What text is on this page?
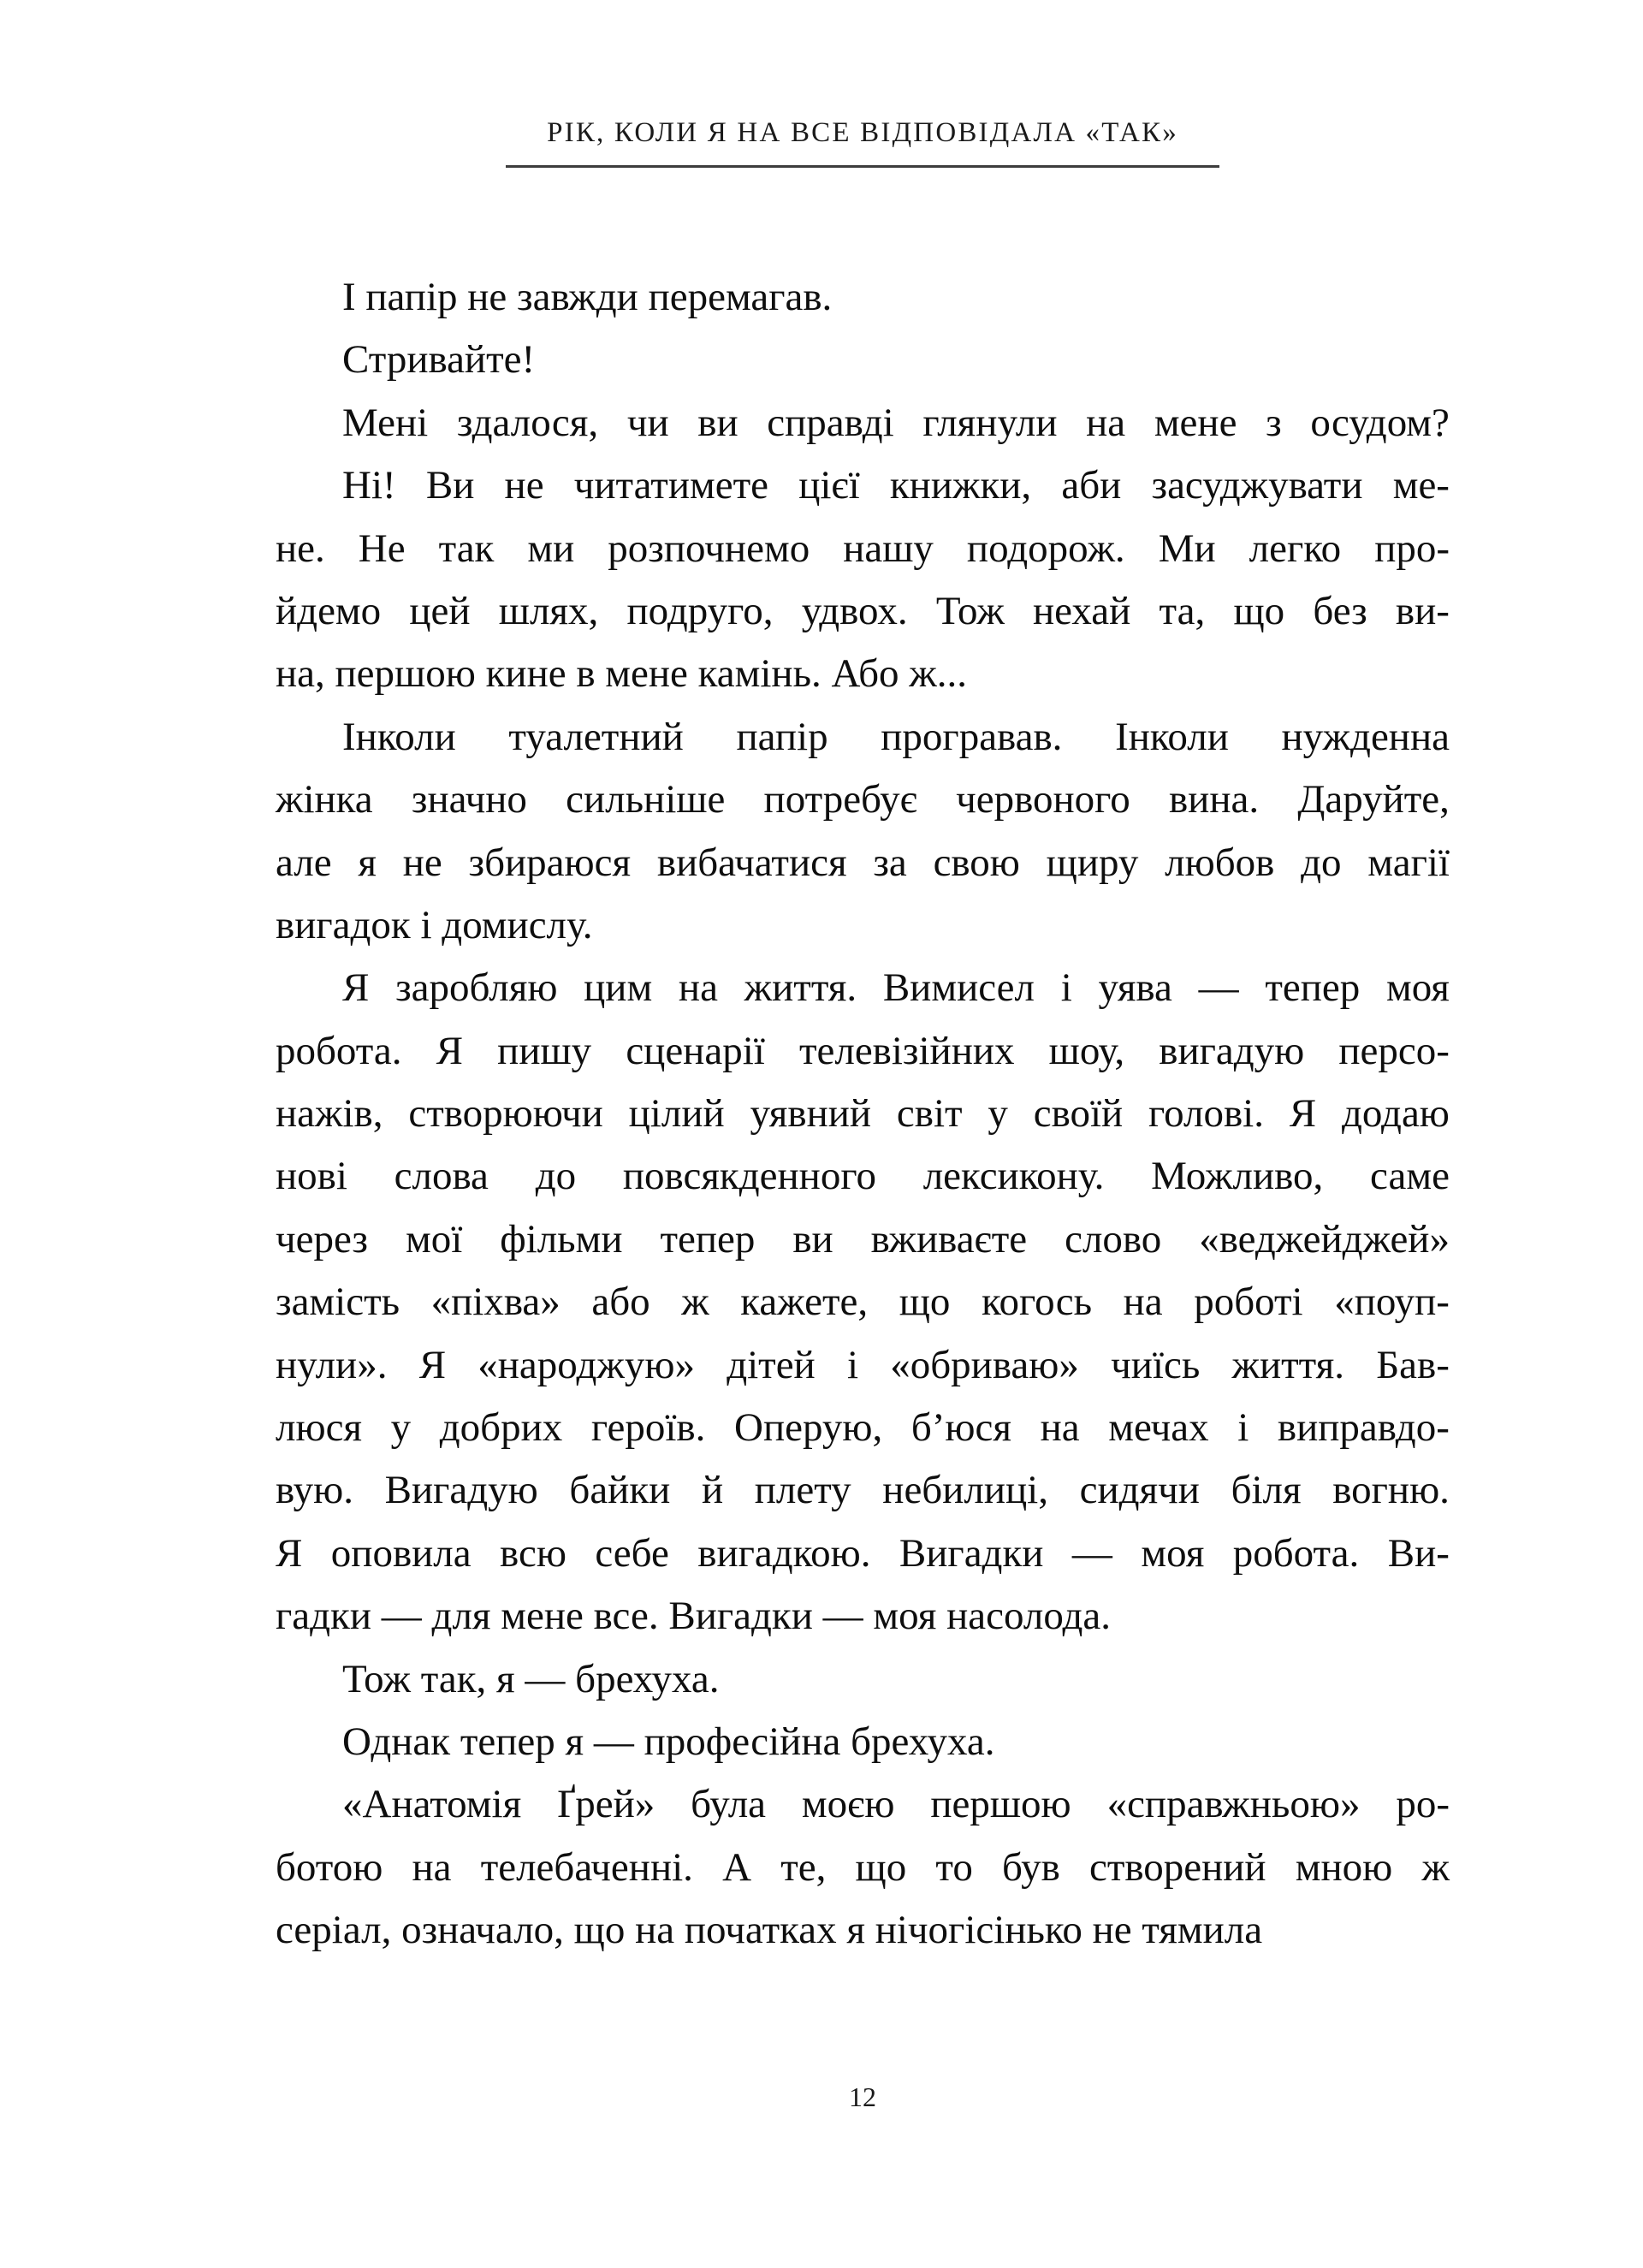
РІК, КОЛИ Я НА ВСЕ ВІДПОВІДАЛА «ТАК»
І папір не завжди перемагав.
Стривайте!
Мені здалося, чи ви справді глянули на мене з осудом?
Ні! Ви не читатимете цієї книжки, аби засуджувати ме-
не. Не так ми розпочнемо нашу подорож. Ми легко про-
йдемо цей шлях, подруго, удвох. Тож нехай та, що без ви-
на, першою кине в мене камінь. Або ж...
Інколи туалетний папір програвав. Інколи нужденна
жінка значно сильніше потребує червоного вина. Даруйте,
але я не збираюся вибачатися за свою щиру любов до магії
вигадок і домислу.
Я заробляю цим на життя. Вимисел і уява — тепер моя
робота. Я пишу сценарії телевізійних шоу, вигадую персо-
нажів, створюючи цілий уявний світ у своїй голові. Я додаю
нові слова до повсякденного лексикону. Можливо, саме
через мої фільми тепер ви вживаєте слово «веджейджей»
замість «піхва» або ж кажете, що когось на роботі «поуп-
нули». Я «народжую» дітей і «обриваю» чиїсь життя. Бав-
люся у добрих героїв. Оперую, б’юся на мечах і виправдо-
вую. Вигадую байки й плету небилиці, сидячи біля вогню.
Я оповила всю себе вигадкою. Вигадки — моя робота. Ви-
гадки — для мене все. Вигадки — моя насолода.
Тож так, я — брехуха.
Однак тепер я — професійна брехуха.
«Анатомія Ґрей» була моєю першою «справжньою» ро-
ботою на телебаченні. А те, що то був створений мною ж
серіал, означало, що на початках я нічогісінько не тямила
12
